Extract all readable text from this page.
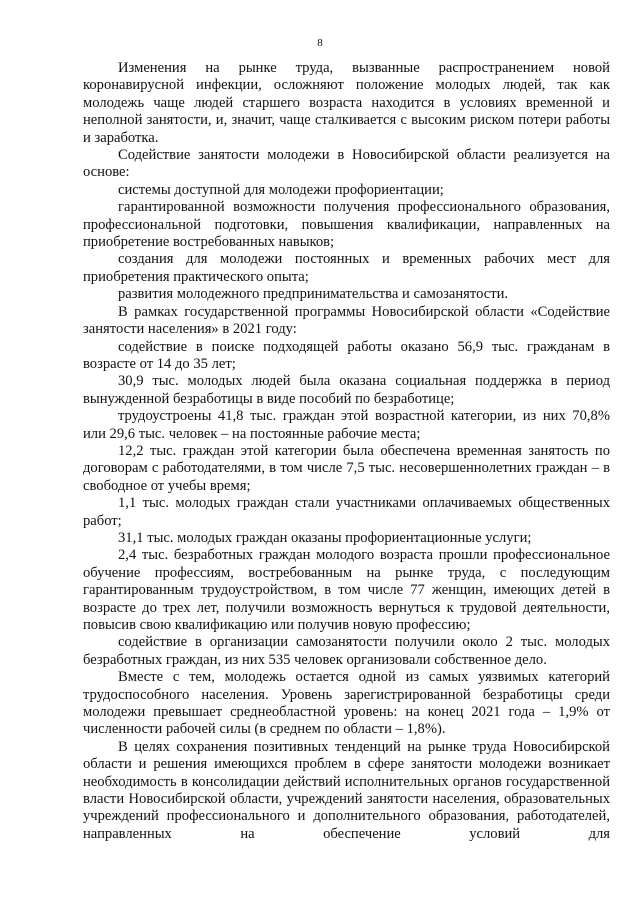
8

Изменения на рынке труда, вызванные распространением новой коронавирусной инфекции, осложняют положение молодых людей, так как молодежь чаще людей старшего возраста находится в условиях временной и неполной занятости, и, значит, чаще сталкивается с высоким риском потери работы и заработка.

Содействие занятости молодежи в Новосибирской области реализуется на основе:

системы доступной для молодежи профориентации;

гарантированной возможности получения профессионального образования, профессиональной подготовки, повышения квалификации, направленных на приобретение востребованных навыков;

создания для молодежи постоянных и временных рабочих мест для приобретения практического опыта;

развития молодежного предпринимательства и самозанятости.

В рамках государственной программы Новосибирской области «Содействие занятости населения» в 2021 году:

содействие в поиске подходящей работы оказано 56,9 тыс. гражданам в возрасте от 14 до 35 лет;

30,9 тыс. молодых людей была оказана социальная поддержка в период вынужденной безработицы в виде пособий по безработице;

трудоустроены 41,8 тыс. граждан этой возрастной категории, из них 70,8% или 29,6 тыс. человек – на постоянные рабочие места;

12,2 тыс. граждан этой категории была обеспечена временная занятость по договорам с работодателями, в том числе 7,5 тыс. несовершеннолетних граждан – в свободное от учебы время;

1,1 тыс. молодых граждан стали участниками оплачиваемых общественных работ;

31,1 тыс. молодых граждан оказаны профориентационные услуги;

2,4 тыс. безработных граждан молодого возраста прошли профессиональное обучение профессиям, востребованным на рынке труда, с последующим гарантированным трудоустройством, в том числе 77 женщин, имеющих детей в возрасте до трех лет, получили возможность вернуться к трудовой деятельности, повысив свою квалификацию или получив новую профессию;

содействие в организации самозанятости получили около 2 тыс. молодых безработных граждан, из них 535 человек организовали собственное дело.

Вместе с тем, молодежь остается одной из самых уязвимых категорий трудоспособного населения. Уровень зарегистрированной безработицы среди молодежи превышает среднеобластной уровень: на конец 2021 года – 1,9% от численности рабочей силы (в среднем по области – 1,8%).

В целях сохранения позитивных тенденций на рынке труда Новосибирской области и решения имеющихся проблем в сфере занятости молодежи возникает необходимость в консолидации действий исполнительных органов государственной власти Новосибирской области, учреждений занятости населения, образовательных учреждений профессионального и дополнительного образования, работодателей, направленных на обеспечение условий для
